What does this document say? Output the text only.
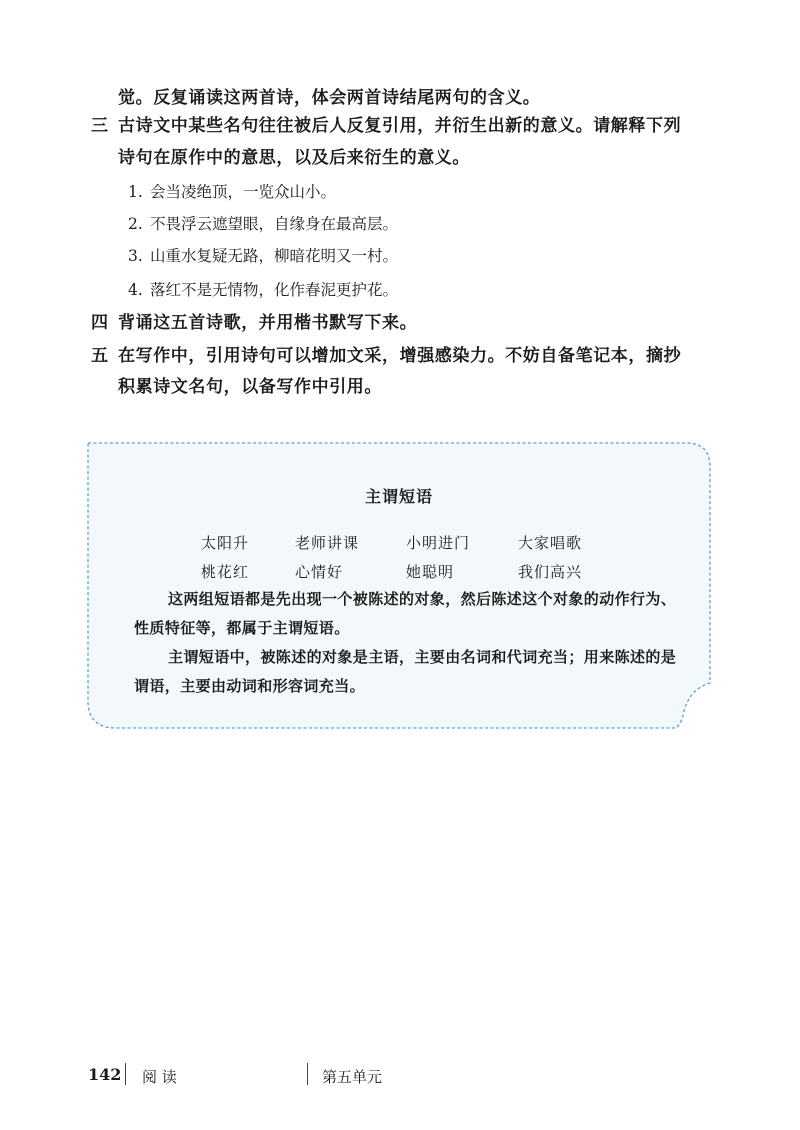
觉。反复诵读这两首诗，体会两首诗结尾两句的含义。
三 古诗文中某些名句往往被后人反复引用，并衍生出新的意义。请解释下列
诗句在原作中的意思，以及后来衍生的意义。
1. 会当凌绝顶，一览众山小。
2. 不畏浮云遮望眼，自缘身在最高层。
3. 山重水复疑无路，柳暗花明又一村。
4. 落红不是无情物，化作春泥更护花。
四 背诵这五首诗歌，并用楷书默写下来。
五 在写作中，引用诗句可以增加文采，增强感染力。不妨自备笔记本，摘抄
积累诗文名句，以备写作中引用。
主谓短语
太阳升	老师讲课	小明进门	大家唱歌
桃花红	心情好	她聪明	我们高兴
这两组短语都是先出现一个被陈述的对象，然后陈述这个对象的动作行为、
性质特征等，都属于主谓短语。
主谓短语中，被陈述的对象是主语，主要由名词和代词充当；用来陈述的是
谓语，主要由动词和形容词充当。
142 阅 读	第五单元
